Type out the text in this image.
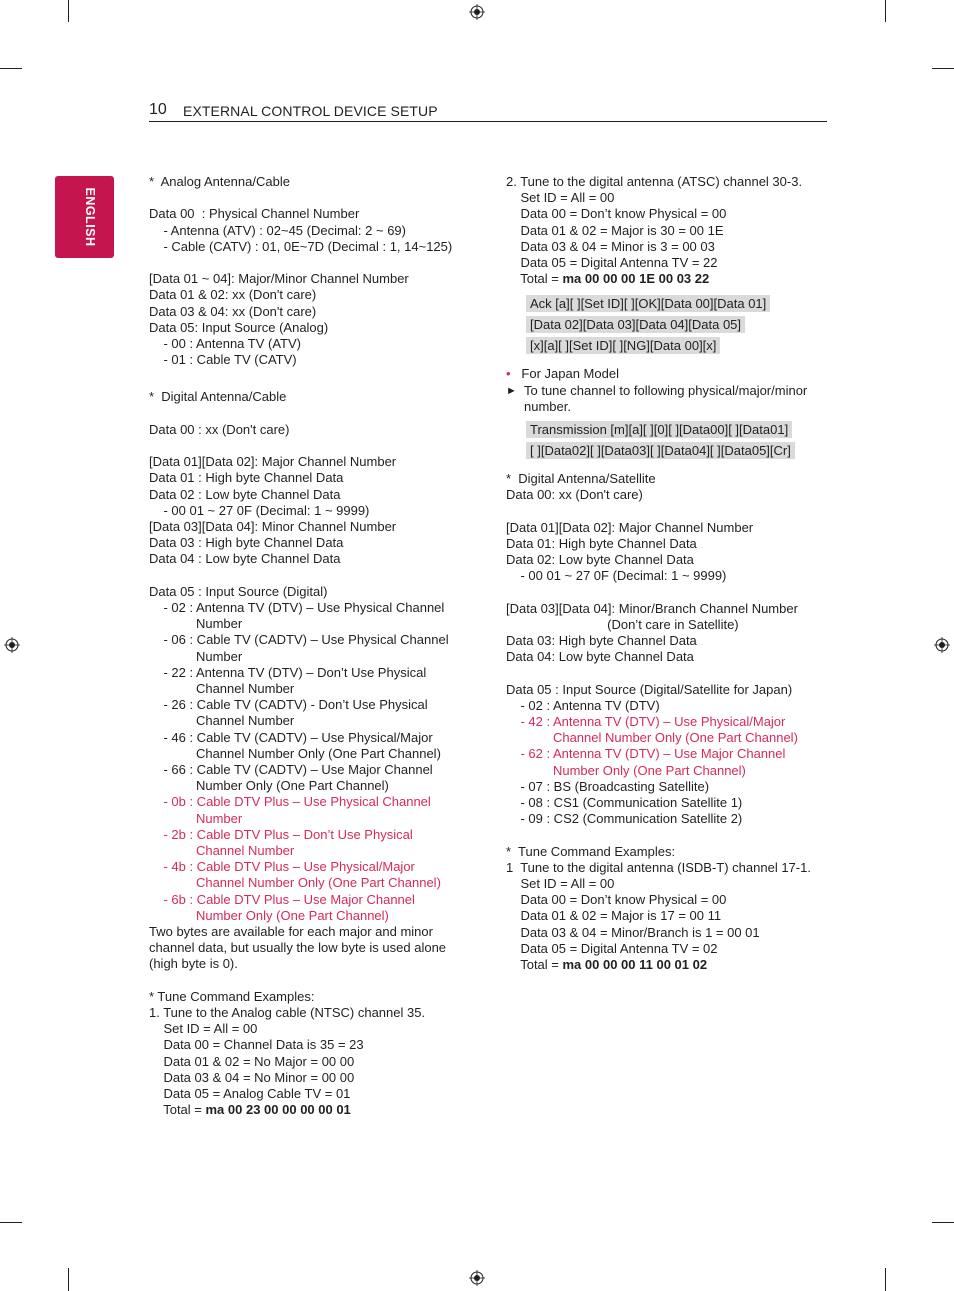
10 EXTERNAL CONTROL DEVICE SETUP
ENGLISH
*  Analog Antenna/Cable
Data 00  : Physical Channel Number
- Antenna (ATV) : 02~45 (Decimal: 2 ~ 69)
- Cable (CATV) : 01, 0E~7D (Decimal : 1, 14~125)
[Data 01 ~ 04]: Major/Minor Channel Number
Data 01 & 02: xx (Don't care)
Data 03 & 04: xx (Don't care)
Data 05: Input Source (Analog)
- 00 : Antenna TV (ATV)
- 01 : Cable TV (CATV)
*  Digital Antenna/Cable
Data 00 : xx (Don't care)
[Data 01][Data 02]: Major Channel Number
Data 01 : High byte Channel Data
Data 02 : Low byte Channel Data
- 00 01 ~ 27 0F (Decimal: 1 ~ 9999)
[Data 03][Data 04]: Minor Channel Number
Data 03 : High byte Channel Data
Data 04 : Low byte Channel Data
Data 05 : Input Source (Digital)
- 02 : Antenna TV (DTV) – Use Physical Channel
Number
- 06 : Cable TV (CADTV) – Use Physical Channel
Number
- 22 : Antenna TV (DTV) – Don’t Use Physical
Channel Number
- 26 : Cable TV (CADTV) - Don’t Use Physical
Channel Number
- 46 : Cable TV (CADTV) – Use Physical/Major
Channel Number Only (One Part Channel)
- 66 : Cable TV (CADTV) – Use Major Channel
Number Only (One Part Channel)
- 0b : Cable DTV Plus – Use Physical Channel
Number
- 2b : Cable DTV Plus – Don’t Use Physical
Channel Number
- 4b : Cable DTV Plus – Use Physical/Major
Channel Number Only (One Part Channel)
- 6b : Cable DTV Plus – Use Major Channel
Number Only (One Part Channel)
Two bytes are available for each major and minor
channel data, but usually the low byte is used alone
(high byte is 0).
* Tune Command Examples:
1. Tune to the Analog cable (NTSC) channel 35.
Set ID = All = 00
Data 00 = Channel Data is 35 = 23
Data 01 & 02 = No Major = 00 00
Data 03 & 04 = No Minor = 00 00
Data 05 = Analog Cable TV = 01
Total = ma 00 23 00 00 00 00 01
2. Tune to the digital antenna (ATSC) channel 30-3.
Set ID = All = 00
Data 00 = Don’t know Physical = 00
Data 01 & 02 = Major is 30 = 00 1E
Data 03 & 04 = Minor is 3 = 00 03
Data 05 = Digital Antenna TV = 22
Total = ma 00 00 00 1E 00 03 22
Ack [a][ ][Set ID][ ][OK][Data 00][Data 01]
[Data 02][Data 03][Data 04][Data 05]
[x][a][ ][Set ID][ ][NG][Data 00][x]
• For Japan Model
► To tune channel to following physical/major/minor
number.
Transmission [m][a][ ][0][ ][Data00][ ][Data01]
[ ][Data02][ ][Data03][ ][Data04][ ][Data05][Cr]
*  Digital Antenna/Satellite
Data 00: xx (Don't care)
[Data 01][Data 02]: Major Channel Number
Data 01: High byte Channel Data
Data 02: Low byte Channel Data
- 00 01 ~ 27 0F (Decimal: 1 ~ 9999)
[Data 03][Data 04]: Minor/Branch Channel Number
(Don’t care in Satellite)
Data 03: High byte Channel Data
Data 04: Low byte Channel Data
Data 05 : Input Source (Digital/Satellite for Japan)
- 02 : Antenna TV (DTV)
- 42 : Antenna TV (DTV) – Use Physical/Major
Channel Number Only (One Part Channel)
- 62 : Antenna TV (DTV) – Use Major Channel
Number Only (One Part Channel)
- 07 : BS (Broadcasting Satellite)
- 08 : CS1 (Communication Satellite 1)
- 09 : CS2 (Communication Satellite 2)
*  Tune Command Examples:
1  Tune to the digital antenna (ISDB-T) channel 17-1.
Set ID = All = 00
Data 00 = Don’t know Physical = 00
Data 01 & 02 = Major is 17 = 00 11
Data 03 & 04 = Minor/Branch is 1 = 00 01
Data 05 = Digital Antenna TV = 02
Total = ma 00 00 00 11 00 01 02
